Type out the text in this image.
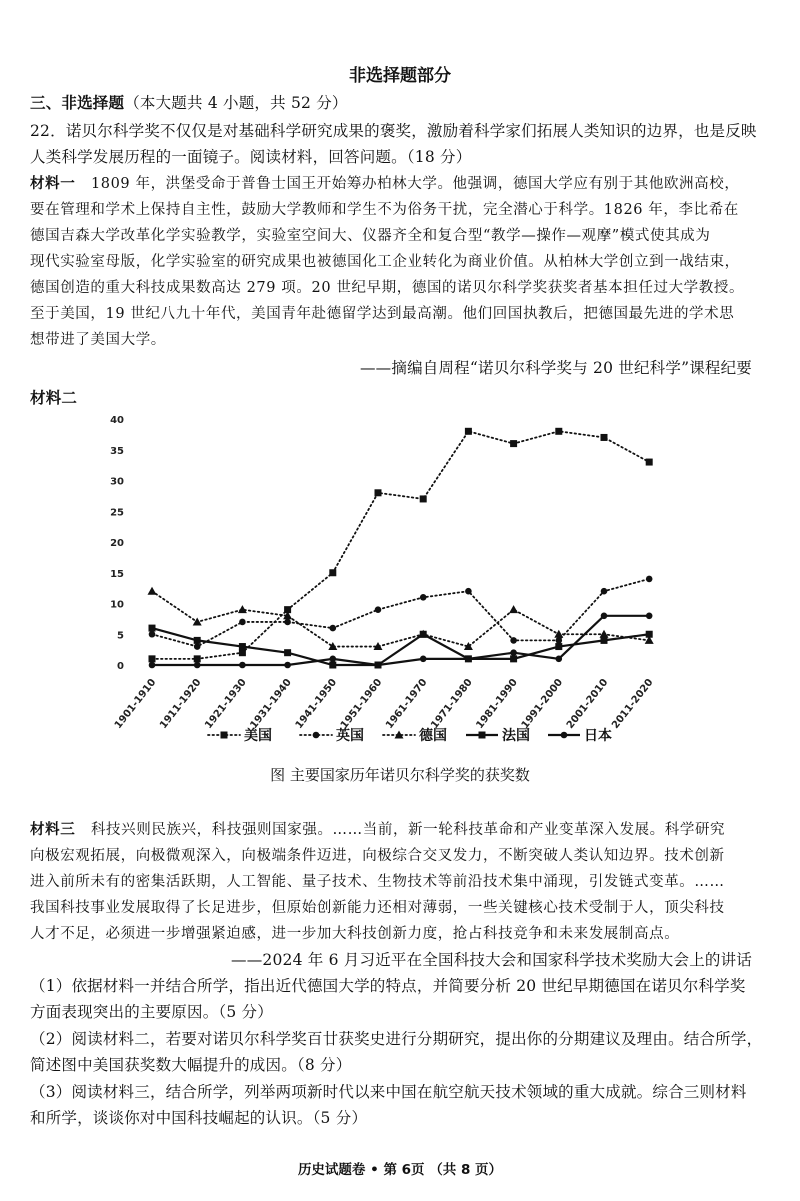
非选择题部分
三、非选择题（本大题共 4 小题，共 52 分）
22．诺贝尔科学奖不仅仅是对基础科学研究成果的褒奖，激励着科学家们拓展人类知识的边界，也是反映
人类科学发展历程的一面镜子。阅读材料，回答问题。（18 分）
材料一 1809 年，洪堡受命于普鲁士国王开始筹办柏林大学。他强调，德国大学应有别于其他欧洲高校，
要在管理和学术上保持自主性，鼓励大学教师和学生不为俗务干扰，完全潜心于科学。1826 年，李比希在
德国吉森大学改革化学实验教学，实验室空间大、仪器齐全和复合型“教学—操作—观摩”模式使其成为
现代实验室母版，化学实验室的研究成果也被德国化工企业转化为商业价值。从柏林大学创立到一战结束，
德国创造的重大科技成果数高达 279 项。20 世纪早期，德国的诺贝尔科学奖获奖者基本担任过大学教授。
至于美国，19 世纪八九十年代，美国青年赴德留学达到最高潮。他们回国执教后，把德国最先进的学术思
想带进了美国大学。
——摘编自周程“诺贝尔科学奖与 20 世纪科学”课程纪要
材料二
0
5
10
15
20
25
30
35
40
1901-1910 1911-1920 1921-1930 1931-1940 1941-1950 1951-1960 1961-1970 1971-1980 1981-1990 1991-2000 2001-2010 2011-2020
美国	英国	德国	法国	日本
图 主要国家历年诺贝尔科学奖的获奖数
材料三 科技兴则民族兴，科技强则国家强。……当前，新一轮科技革命和产业变革深入发展。科学研究
向极宏观拓展，向极微观深入，向极端条件迈进，向极综合交叉发力，不断突破人类认知边界。技术创新
进入前所未有的密集活跃期，人工智能、量子技术、生物技术等前沿技术集中涌现，引发链式变革。……
我国科技事业发展取得了长足进步，但原始创新能力还相对薄弱，一些关键核心技术受制于人，顶尖科技
人才不足，必须进一步增强紧迫感，进一步加大科技创新力度，抢占科技竞争和未来发展制高点。
——2024 年 6 月习近平在全国科技大会和国家科学技术奖励大会上的讲话
（1）依据材料一并结合所学，指出近代德国大学的特点，并简要分析 20 世纪早期德国在诺贝尔科学奖
方面表现突出的主要原因。（5 分）
（2）阅读材料二，若要对诺贝尔科学奖百廿获奖史进行分期研究，提出你的分期建议及理由。结合所学，
简述图中美国获奖数大幅提升的成因。（8 分）
（3）阅读材料三，结合所学，列举两项新时代以来中国在航空航天技术领域的重大成就。综合三则材料
和所学，谈谈你对中国科技崛起的认识。（5 分）
历史试题卷 • 第 6页 （共 8 页）
